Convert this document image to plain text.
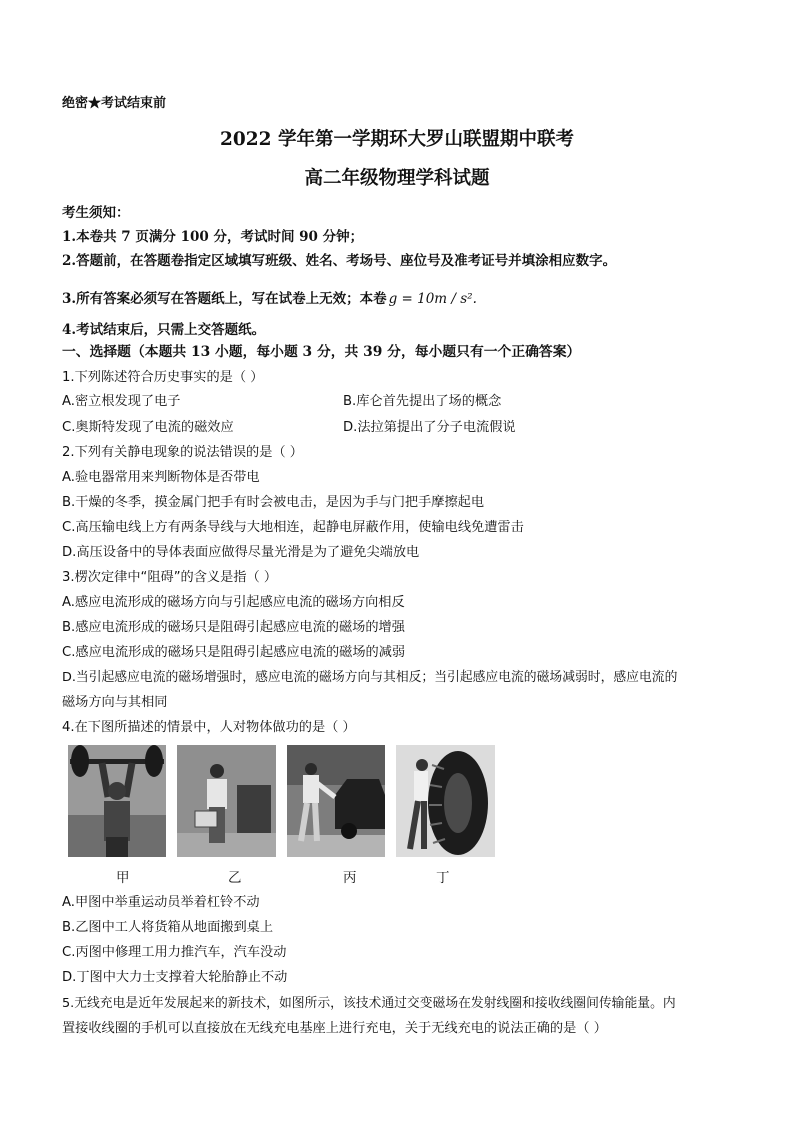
绝密★考试结束前
2022 学年第一学期环大罗山联盟期中联考
高二年级物理学科试题
考生须知：
1.本卷共 7 页满分 100 分，考试时间 90 分钟；
2.答题前，在答题卷指定区域填写班级、姓名、考场号、座位号及准考证号并填涂相应数字。
3.所有答案必须写在答题纸上，写在试卷上无效；本卷 g = 10m / s².
4.考试结束后，只需上交答题纸。
一、选择题（本题共 13 小题，每小题 3 分，共 39 分，每小题只有一个正确答案）
1.下列陈述符合历史事实的是（ ）
A.密立根发现了电子	B.库仑首先提出了场的概念
C.奥斯特发现了电流的磁效应	D.法拉第提出了分子电流假说
2.下列有关静电现象的说法错误的是（ ）
A.验电器常用来判断物体是否带电
B.干燥的冬季，摸金属门把手有时会被电击，是因为手与门把手摩擦起电
C.高压输电线上方有两条导线与大地相连，起静电屏蔽作用，使输电线免遭雷击
D.高压设备中的导体表面应做得尽量光滑是为了避免尖端放电
3.楞次定律中“阻碍”的含义是指（ ）
A.感应电流形成的磁场方向与引起感应电流的磁场方向相反
B.感应电流形成的磁场只是阻碍引起感应电流的磁场的增强
C.感应电流形成的磁场只是阻碍引起感应电流的磁场的减弱
D.当引起感应电流的磁场增强时，感应电流的磁场方向与其相反；当引起感应电流的磁场减弱时，感应电流的
磁场方向与其相同
4.在下图所描述的情景中，人对物体做功的是（ ）
甲	乙	丙	丁
A.甲图中举重运动员举着杠铃不动
B.乙图中工人将货箱从地面搬到桌上
C.丙图中修理工用力推汽车，汽车没动
D.丁图中大力士支撑着大轮胎静止不动
5.无线充电是近年发展起来的新技术，如图所示，该技术通过交变磁场在发射线圈和接收线圈间传输能量。内
置接收线圈的手机可以直接放在无线充电基座上进行充电，关于无线充电的说法正确的是（ ）
